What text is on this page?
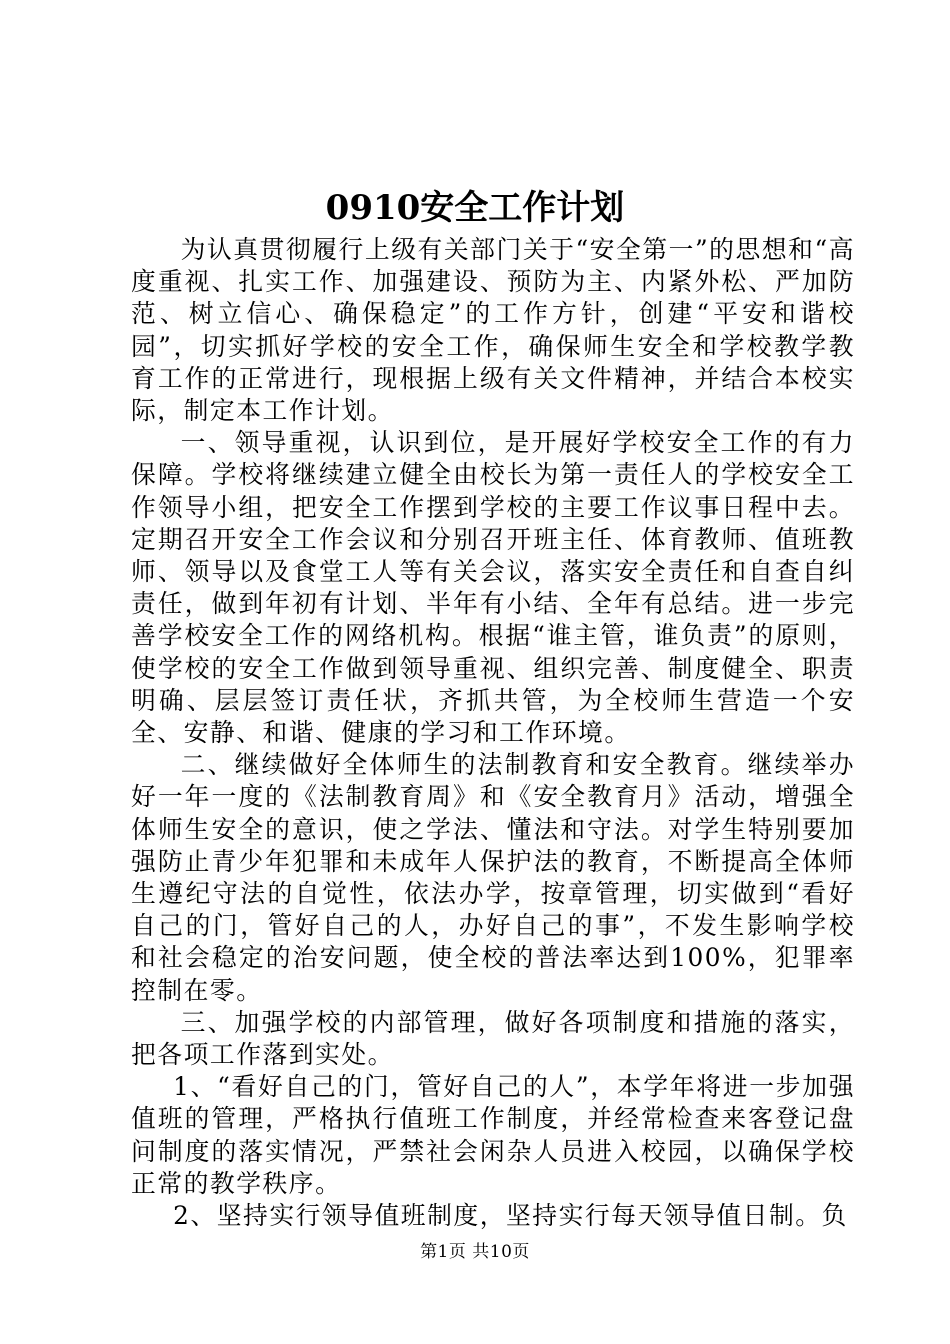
0910安全工作计划

为认真贯彻履行上级有关部门关于“安全第一”的思想和“高度重视、扎实工作、加强建设、预防为主、内紧外松、严加防范、树立信心、确保稳定”的工作方针，创建“平安和谐校园”，切实抓好学校的安全工作，确保师生安全和学校教学教育工作的正常进行，现根据上级有关文件精神，并结合本校实际，制定本工作计划。

一、领导重视，认识到位，是开展好学校安全工作的有力保障。学校将继续建立健全由校长为第一责任人的学校安全工作领导小组，把安全工作摆到学校的主要工作议事日程中去。定期召开安全工作会议和分别召开班主任、体育教师、值班教师、领导以及食堂工人等有关会议，落实安全责任和自查自纠责任，做到年初有计划、半年有小结、全年有总结。进一步完善学校安全工作的网络机构。根据“谁主管，谁负责”的原则，使学校的安全工作做到领导重视、组织完善、制度健全、职责明确、层层签订责任状，齐抓共管，为全校师生营造一个安全、安静、和谐、健康的学习和工作环境。

二、继续做好全体师生的法制教育和安全教育。继续举办好一年一度的《法制教育周》和《安全教育月》活动，增强全体师生安全的意识，使之学法、懂法和守法。对学生特别要加强防止青少年犯罪和未成年人保护法的教育，不断提高全体师生遵纪守法的自觉性，依法办学，按章管理，切实做到“看好自己的门，管好自己的人，办好自己的事”，不发生影响学校和社会稳定的治安问题，使全校的普法率达到100%，犯罪率控制在零。

三、加强学校的内部管理，做好各项制度和措施的落实，把各项工作落到实处。

1、“看好自己的门，管好自己的人”，本学年将进一步加强值班的管理，严格执行值班工作制度，并经常检查来客登记盘问制度的落实情况，严禁社会闲杂人员进入校园，以确保学校正常的教学秩序。

2、坚持实行领导值班制度，坚持实行每天领导值日制。负

第1页 共10页
